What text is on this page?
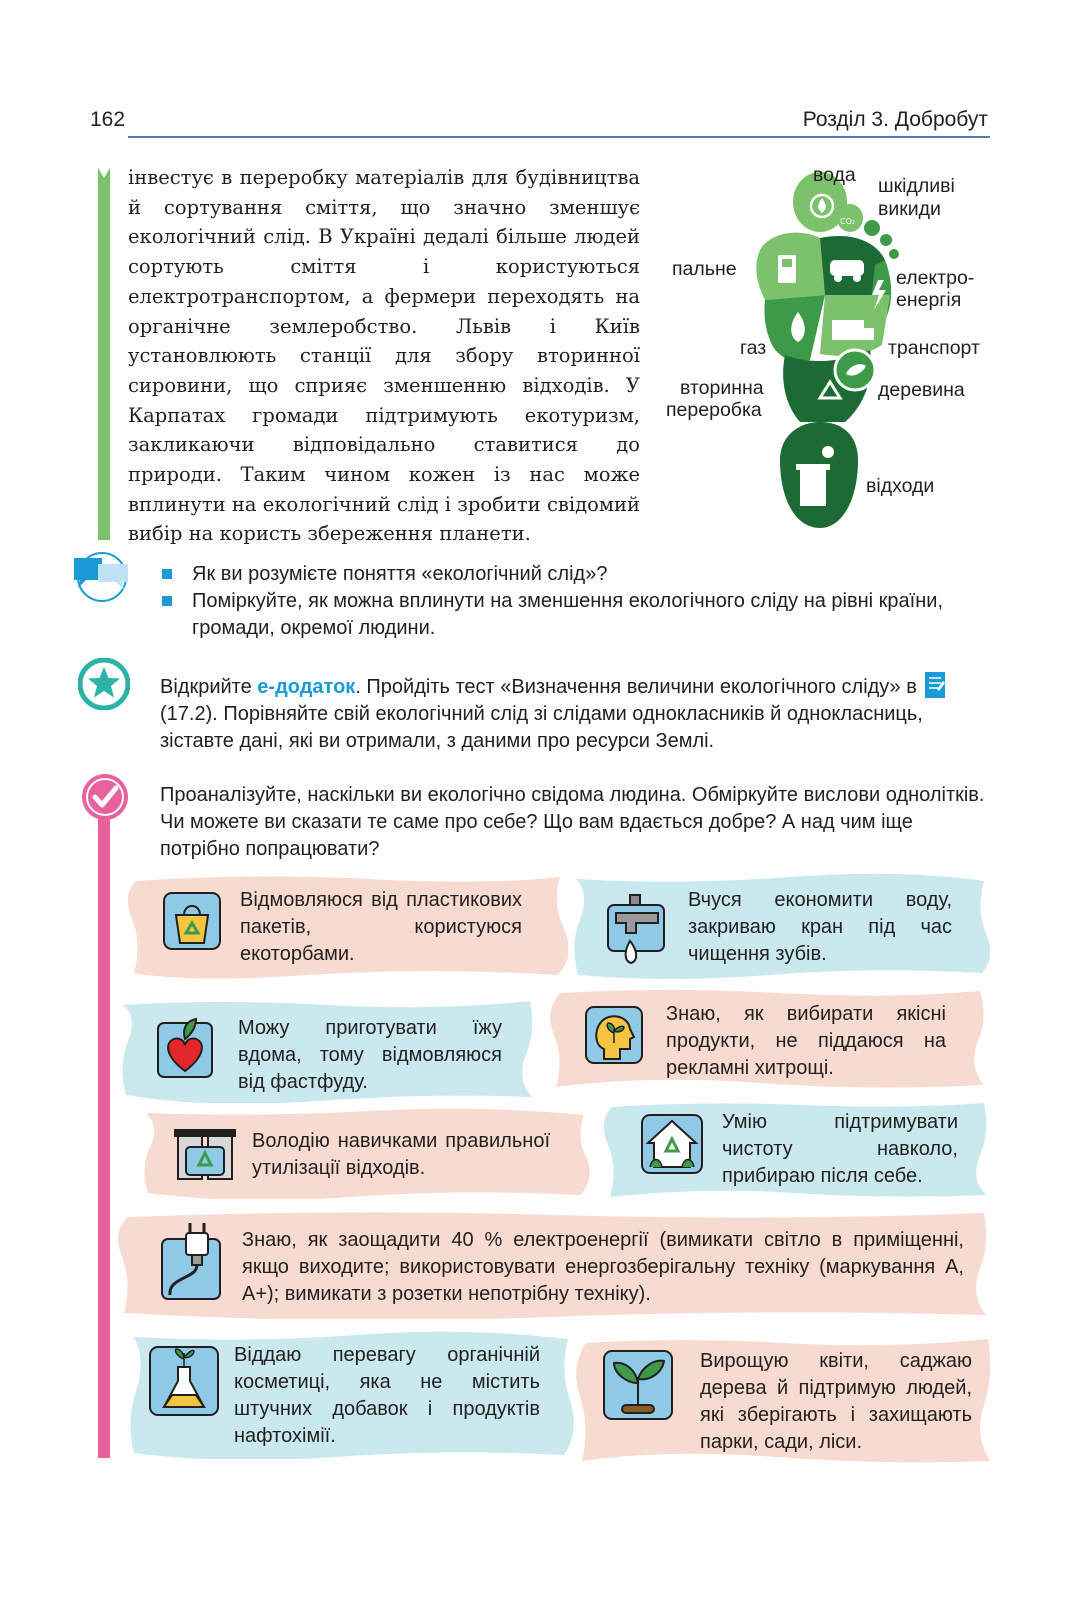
162	Розділ 3. Добробут
інвестує в переробку матеріалів для будівництва й сортування сміття, що значно зменшує екологічний слід. В Україні дедалі більше людей сортують сміття і користуються електротранспортом, а фермери переходять на органічне землеробство. Львів і Київ установлюють станції для збору вторинної сировини, що сприяє зменшенню відходів. У Карпатах громади підтримують екотуризм, закликаючи відповідально ставитися до природи. Таким чином кожен із нас може вплинути на екологічний слід і зробити свідомий вибір на користь збереження планети.
CO₂
вода шкідливі
викиди
пальне	електро-
енергія
газ	транспорт
вторинна
переробка
деревина
відходи
Як ви розумієте поняття «екологічний слід»?
Поміркуйте, як можна вплинути на зменшення екологічного сліду на рівні країни, громади, окремої людини.
Відкрийте е-додаток. Пройдіть тест «Визначення величини екологічного сліду» в(17.2). Порівняйте свій екологічний слід зі слідами однокласників й однокласниць, зіставте дані, які ви отримали, з даними про ресурси Землі.
Проаналізуйте, наскільки ви екологічно свідома людина. Обміркуйте вислови однолітків. Чи можете ви сказати те саме про себе? Що вам вдається добре? А над чим іще потрібно попрацювати?
Відмовляюся від пластикових пакетів, користуюся екоторбами.
Вчуся економити воду, закриваю кран під час чищення зубів.
Можу приготувати їжу вдома, тому відмовляюся від фастфуду.
Знаю, як вибирати якісні продукти, не піддаюся на рекламні хитрощі.
Володію навичками правильної утилізації відходів.
Умію підтримувати чистоту навколо, прибираю після себе.
Знаю, як заощадити 40 % електроенергії (вимикати світло в приміщенні, якщо виходите; використовувати енергозберігальну техніку (маркування А, А+); вимикати з розетки непотрібну техніку).
Віддаю перевагу органічній косметиці, яка не містить штучних добавок і продуктів нафтохімії.
Вирощую квіти, саджаю дерева й підтримую людей, які зберігають і захищають парки, сади, ліси.
